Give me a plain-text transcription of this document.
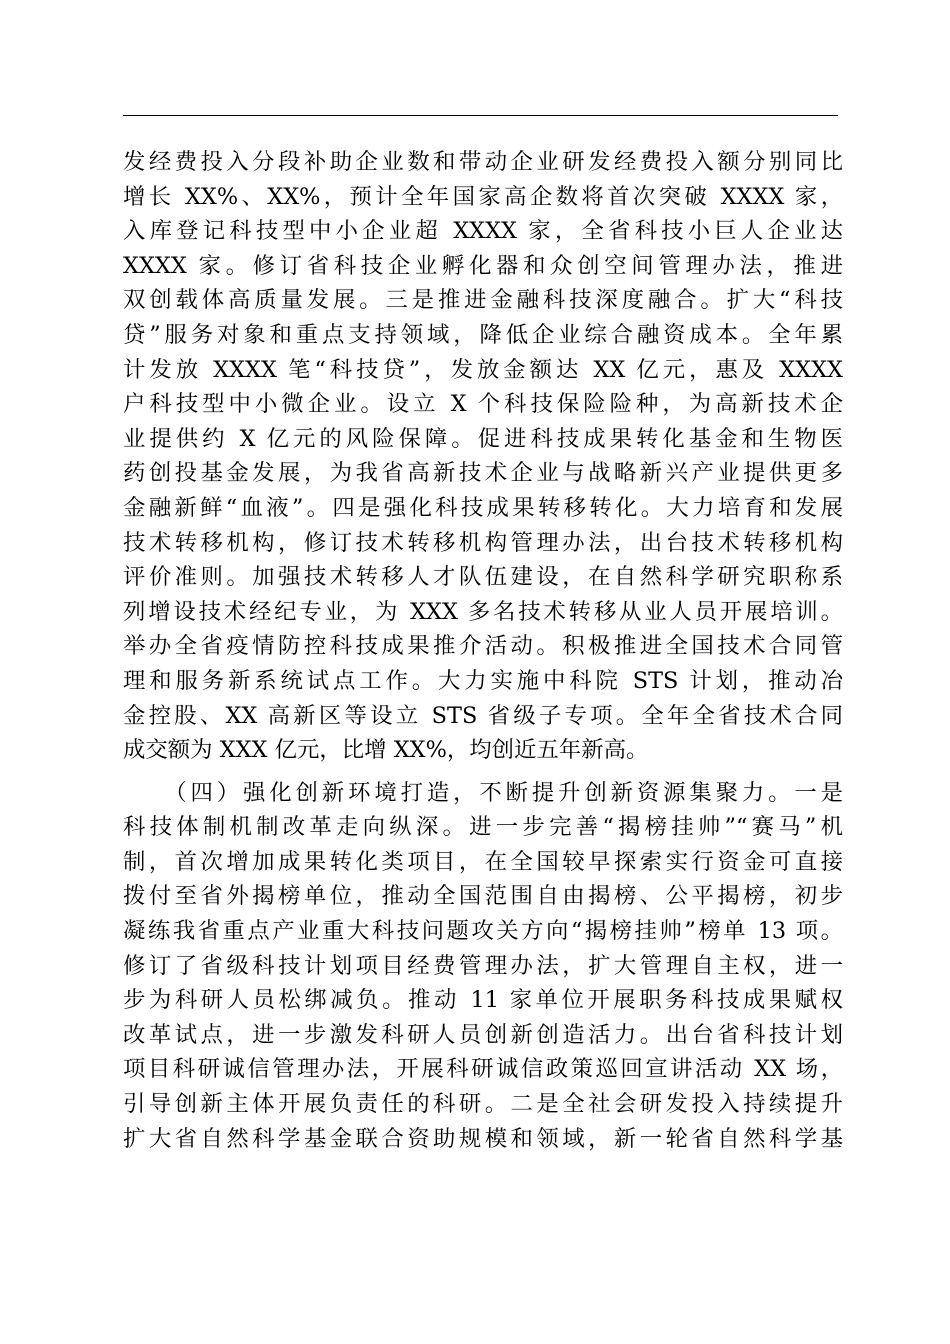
发经费投入分段补助企业数和带动企业研发经费投入额分别同比
增长 XX%、XX%，预计全年国家高企数将首次突破 XXXX 家，
入库登记科技型中小企业超 XXXX 家，全省科技小巨人企业达
XXXX 家。修订省科技企业孵化器和众创空间管理办法，推进
双创载体高质量发展。三是推进金融科技深度融合。扩大“科技
贷”服务对象和重点支持领域，降低企业综合融资成本。全年累
计发放 XXXX 笔“科技贷”，发放金额达 XX 亿元，惠及 XXXX
户科技型中小微企业。设立 X 个科技保险险种，为高新技术企
业提供约 X 亿元的风险保障。促进科技成果转化基金和生物医
药创投基金发展，为我省高新技术企业与战略新兴产业提供更多
金融新鲜“血液”。四是强化科技成果转移转化。大力培育和发展
技术转移机构，修订技术转移机构管理办法，出台技术转移机构
评价准则。加强技术转移人才队伍建设，在自然科学研究职称系
列增设技术经纪专业，为 XXX 多名技术转移从业人员开展培训。
举办全省疫情防控科技成果推介活动。积极推进全国技术合同管
理和服务新系统试点工作。大力实施中科院 STS 计划，推动冶
金控股、XX 高新区等设立 STS 省级子专项。全年全省技术合同
成交额为 XXX 亿元，比增 XX%，均创近五年新高。
　　（四）强化创新环境打造，不断提升创新资源集聚力。一是
科技体制机制改革走向纵深。进一步完善“揭榜挂帅”“赛马”机
制，首次增加成果转化类项目，在全国较早探索实行资金可直接
拨付至省外揭榜单位，推动全国范围自由揭榜、公平揭榜，初步
凝练我省重点产业重大科技问题攻关方向“揭榜挂帅”榜单 13 项。
修订了省级科技计划项目经费管理办法，扩大管理自主权，进一
步为科研人员松绑减负。推动 11 家单位开展职务科技成果赋权
改革试点，进一步激发科研人员创新创造活力。出台省科技计划
项目科研诚信管理办法，开展科研诚信政策巡回宣讲活动 XX 场，
引导创新主体开展负责任的科研。二是全社会研发投入持续提升
扩大省自然科学基金联合资助规模和领域，新一轮省自然科学基
